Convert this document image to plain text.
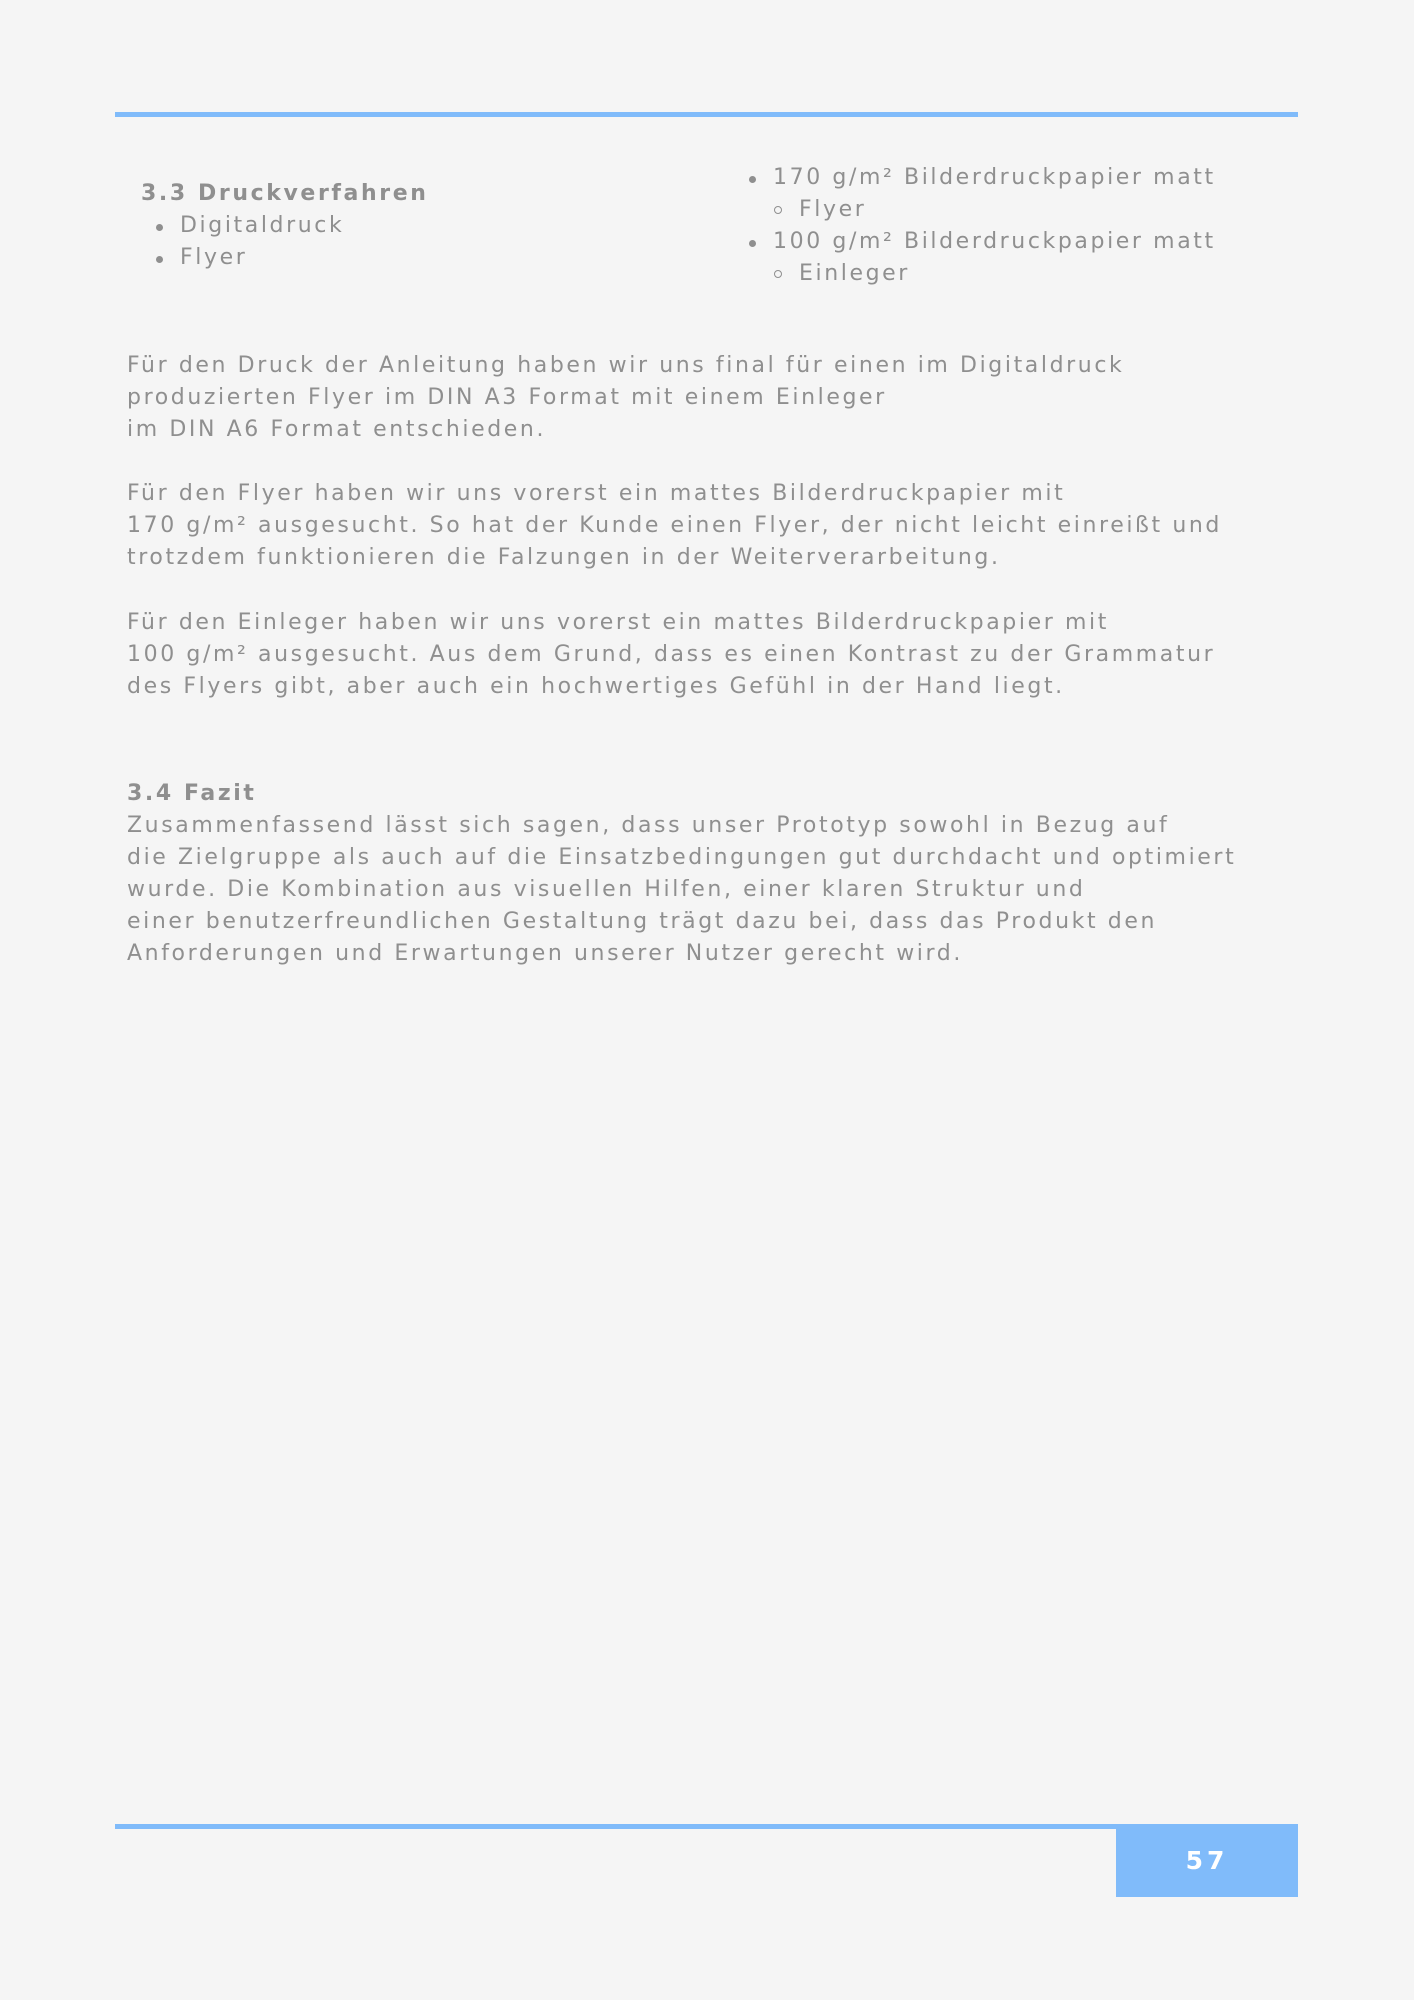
3.3 Druckverfahren
Digitaldruck
Flyer
170 g/m² Bilderdruckpapier matt
Flyer
100 g/m² Bilderdruckpapier matt
Einleger
Für den Druck der Anleitung haben wir uns final für einen im Digitaldruck
produzierten Flyer im DIN A3 Format mit einem Einleger
im DIN A6 Format entschieden.
Für den Flyer haben wir uns vorerst ein mattes Bilderdruckpapier mit
170 g/m² ausgesucht. So hat der Kunde einen Flyer, der nicht leicht einreißt und
trotzdem funktionieren die Falzungen in der Weiterverarbeitung.
Für den Einleger haben wir uns vorerst ein mattes Bilderdruckpapier mit
100 g/m² ausgesucht. Aus dem Grund, dass es einen Kontrast zu der Grammatur
des Flyers gibt, aber auch ein hochwertiges Gefühl in der Hand liegt.
3.4 Fazit
Zusammenfassend lässt sich sagen, dass unser Prototyp sowohl in Bezug auf
die Zielgruppe als auch auf die Einsatzbedingungen gut durchdacht und optimiert
wurde. Die Kombination aus visuellen Hilfen, einer klaren Struktur und
einer benutzerfreundlichen Gestaltung trägt dazu bei, dass das Produkt den
Anforderungen und Erwartungen unserer Nutzer gerecht wird.
57
